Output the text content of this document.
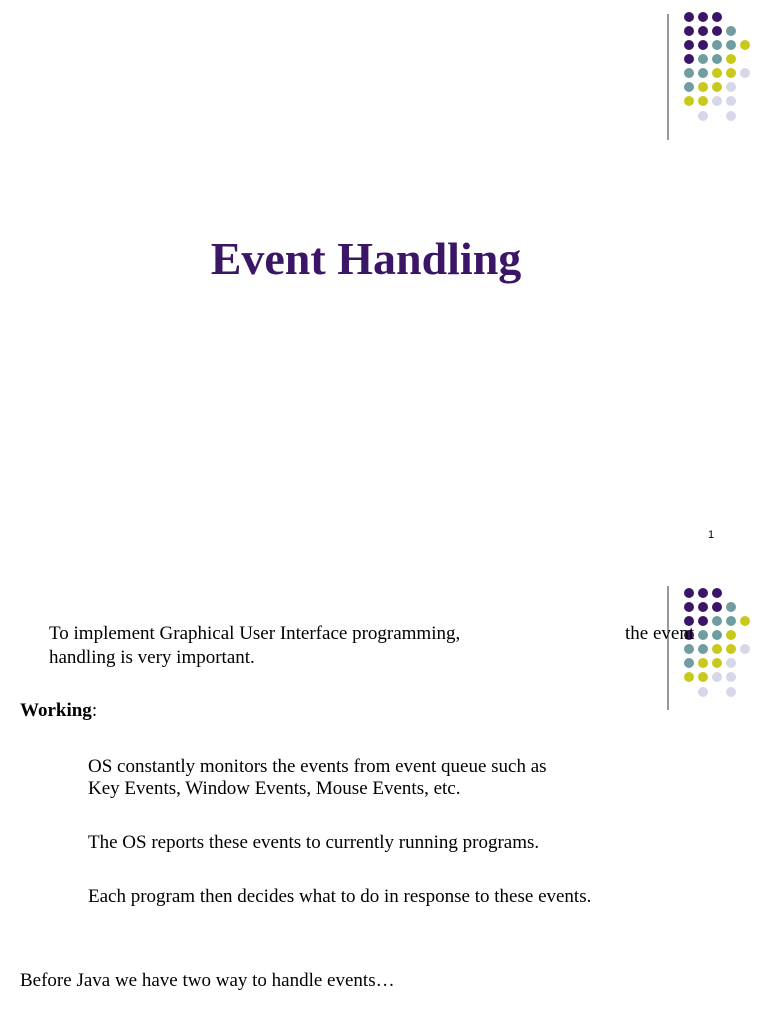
Event Handling
1

To implement Graphical User Interface programming,	the event

handling is very important.

Working:

OS constantly monitors the events from event queue such as

Key Events, Window Events, Mouse Events, etc.

The OS reports these events to currently running programs.

Each program then decides what to do in response to these events.

Before Java we have two way to handle events…
